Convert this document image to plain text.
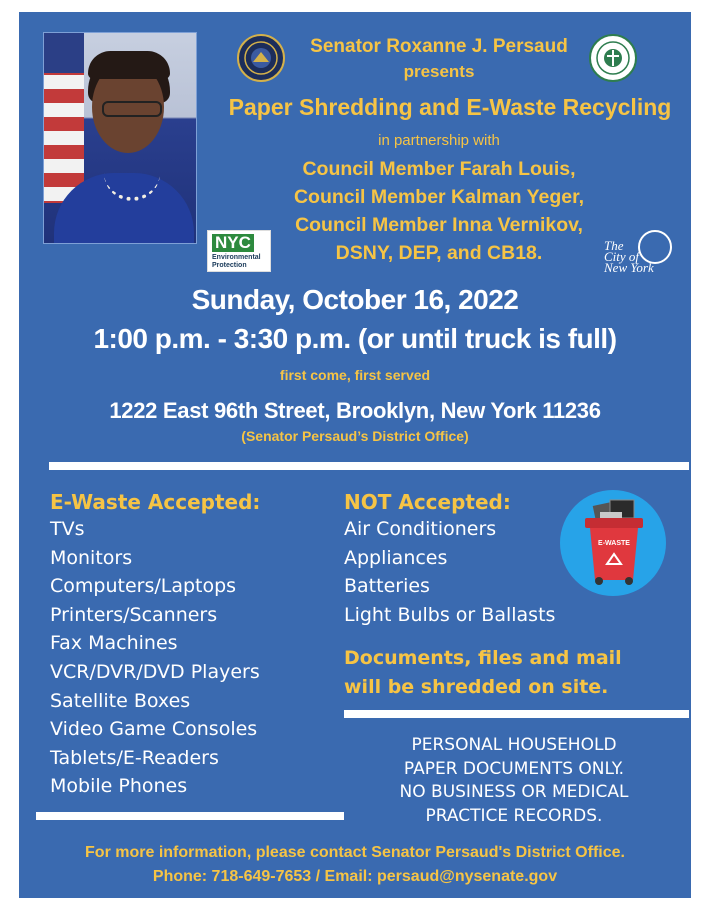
Senator Roxanne J. Persaud
presents
Paper Shredding and E-Waste Recycling
in partnership with
Council Member Farah Louis,
Council Member Kalman Yeger,
Council Member Inna Vernikov,
DSNY, DEP, and CB18.
NYC
Environmental
Protection
The
City of
New York
Sunday, October 16, 2022
1:00 p.m. - 3:30 p.m. (or until truck is full)
first come, first served
1222 East 96th Street, Brooklyn, New York 11236
(Senator Persaud’s District Office)
E-Waste Accepted:
TVs
Monitors
Computers/Laptops
Printers/Scanners
Fax Machines
VCR/DVR/DVD Players
Satellite Boxes
Video Game Consoles
Tablets/E-Readers
Mobile Phones
NOT Accepted:
Air Conditioners
Appliances
Batteries
Light Bulbs or Ballasts
E-WASTE
Documents, files and mail
will be shredded on site.
PERSONAL HOUSEHOLD
PAPER DOCUMENTS ONLY.
NO BUSINESS OR MEDICAL
PRACTICE RECORDS.
For more information, please contact Senator Persaud's District Office.
Phone: 718-649-7653 / Email: persaud@nysenate.gov
